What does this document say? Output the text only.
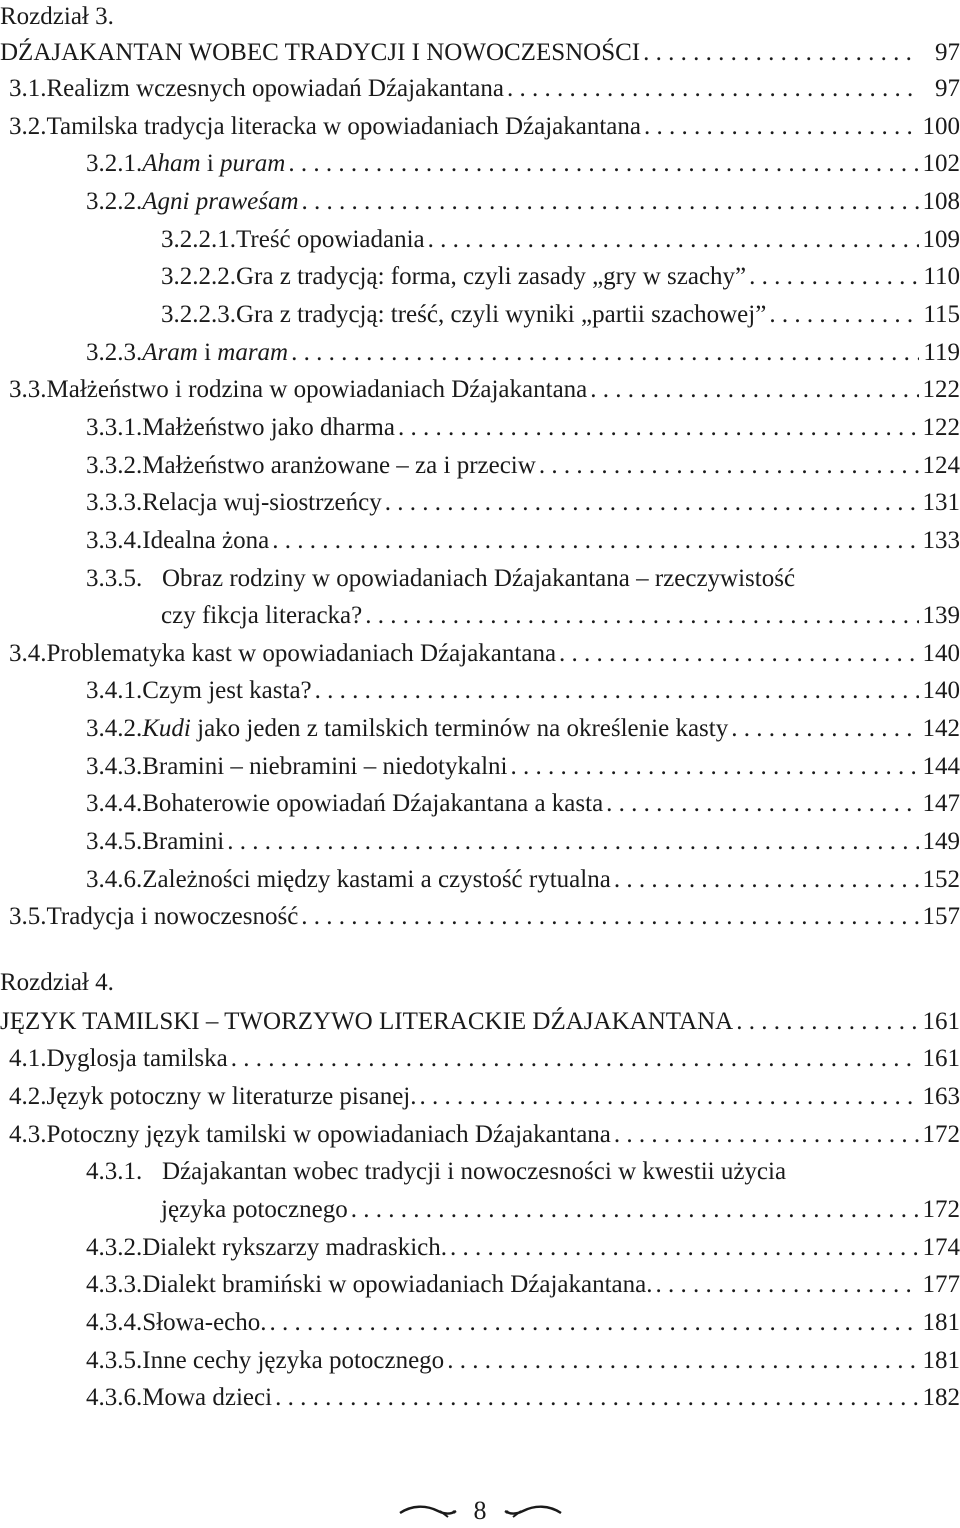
Rozdział 3.
DŹAJAKANTAN WOBEC TRADYCJI I NOWOCZESNOŚCI . . .	97
3.1. Realizm wczesnych opowiadań Dźajakantana . . .	97
3.2. Tamilska tradycja literacka w opowiadaniach Dźajakantana . . .	100
3.2.1. Aham i puram . . .	102
3.2.2. Agni praweśam . . .	108
3.2.2.1. Treść opowiadania . . .	109
3.2.2.2. Gra z tradycją: forma, czyli zasady „gry w szachy” . . .	110
3.2.2.3. Gra z tradycją: treść, czyli wyniki „partii szachowej” . . .	115
3.2.3. Aram i maram . . .	119
3.3. Małżeństwo i rodzina w opowiadaniach Dźajakantana . . .	122
3.3.1. Małżeństwo jako dharma . . .	122
3.3.2. Małżeństwo aranżowane – za i przeciw . . .	124
3.3.3. Relacja wuj-siostrzeńcy . . .	131
3.3.4. Idealna żona . . .	133
3.3.5. Obraz rodziny w opowiadaniach Dźajakantana – rzeczywistość
czy fikcja literacka? . . .	139
3.4. Problematyka kast w opowiadaniach Dźajakantana . . .	140
3.4.1. Czym jest kasta? . . .	140
3.4.2. Kudi jako jeden z tamilskich terminów na określenie kasty . . .	142
3.4.3. Bramini – niebramini – niedotykalni . . .	144
3.4.4. Bohaterowie opowiadań Dźajakantana a kasta . . .	147
3.4.5. Bramini . . .	149
3.4.6. Zależności między kastami a czystość rytualna . . .	152
3.5. Tradycja i nowoczesność . . .	157
Rozdział 4.
JĘZYK TAMILSKI – TWORZYWO LITERACKIE DŹAJAKANTANA . . .	161
4.1. Dyglosja tamilska . . .	161
4.2. Język potoczny w literaturze pisanej. . . .	163
4.3. Potoczny język tamilski w opowiadaniach Dźajakantana . . .	172
4.3.1. Dźajakantan wobec tradycji i nowoczesności w kwestii użycia
języka potocznego . . .	172
4.3.2. Dialekt rykszarzy madraskich. . . .	174
4.3.3. Dialekt bramiński w opowiadaniach Dźajakantana. . . .	177
4.3.4. Słowa-echo. . . .	181
4.3.5. Inne cechy języka potocznego . . .	181
4.3.6. Mowa dzieci . . .	182
8
